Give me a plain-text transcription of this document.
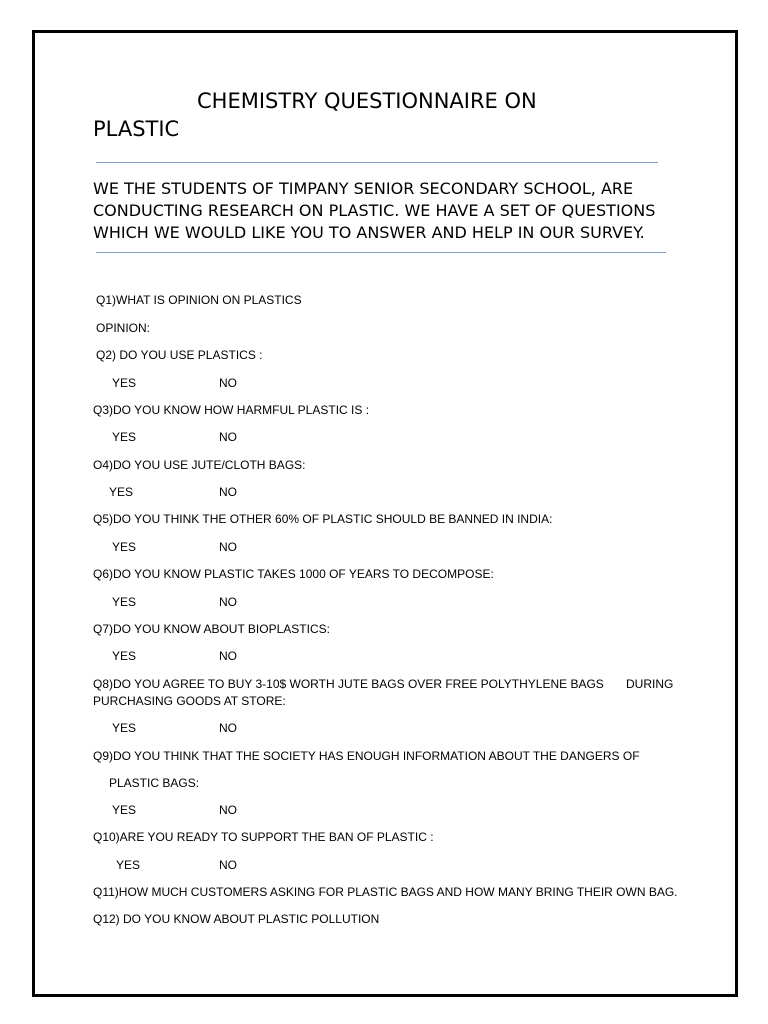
CHEMISTRY QUESTIONNAIRE ON PLASTIC

WE THE STUDENTS OF TIMPANY SENIOR SECONDARY SCHOOL, ARE CONDUCTING RESEARCH ON PLASTIC. WE HAVE A SET OF QUESTIONS WHICH WE WOULD LIKE YOU TO ANSWER AND HELP IN OUR SURVEY.

Q1)WHAT IS OPINION ON PLASTICS

OPINION:

Q2) DO YOU USE PLASTICS :

YES	NO

Q3)DO YOU KNOW HOW HARMFUL PLASTIC IS :

YES	NO

O4)DO YOU USE JUTE/CLOTH BAGS:

YES	NO

Q5)DO YOU THINK THE OTHER 60% OF PLASTIC SHOULD BE BANNED IN INDIA:

YES	NO

Q6)DO YOU KNOW PLASTIC TAKES 1000 OF YEARS TO DECOMPOSE:

YES	NO

Q7)DO YOU KNOW ABOUT BIOPLASTICS:

YES	NO

Q8)DO YOU AGREE TO BUY 3-10$ WORTH JUTE BAGS OVER FREE POLYTHYLENE BAGS DURING

PURCHASING GOODS AT STORE:

YES	NO

Q9)DO YOU THINK THAT THE SOCIETY HAS ENOUGH INFORMATION ABOUT THE DANGERS OF

PLASTIC BAGS:

YES	NO

Q10)ARE YOU READY TO SUPPORT THE BAN OF PLASTIC :

YES	NO

Q11)HOW MUCH CUSTOMERS ASKING FOR PLASTIC BAGS AND HOW MANY BRING THEIR OWN BAG.

Q12) DO YOU KNOW ABOUT PLASTIC POLLUTION
